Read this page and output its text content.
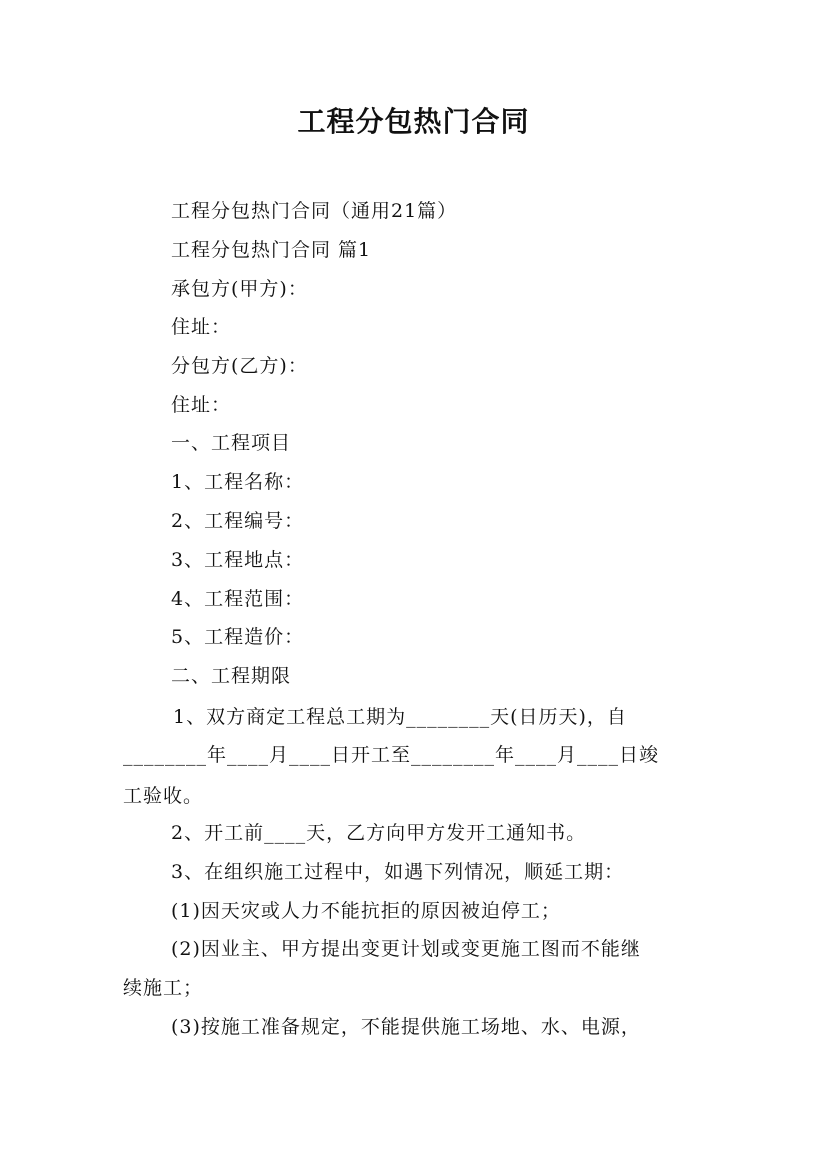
工程分包热门合同
工程分包热门合同（通用21篇）
工程分包热门合同 篇1
承包方(甲方)：
住址：
分包方(乙方)：
住址：
一、工程项目
1、工程名称：
2、工程编号：
3、工程地点：
4、工程范围：
5、工程造价：
二、工程期限
1、双方商定工程总工期为________天(日历天)，自
________年____月____日开工至________年____月____日竣
工验收。
2、开工前____天，乙方向甲方发开工通知书。
3、在组织施工过程中，如遇下列情况，顺延工期：
(1)因天灾或人力不能抗拒的原因被迫停工；
(2)因业主、甲方提出变更计划或变更施工图而不能继
续施工；
(3)按施工准备规定，不能提供施工场地、水、电源，
